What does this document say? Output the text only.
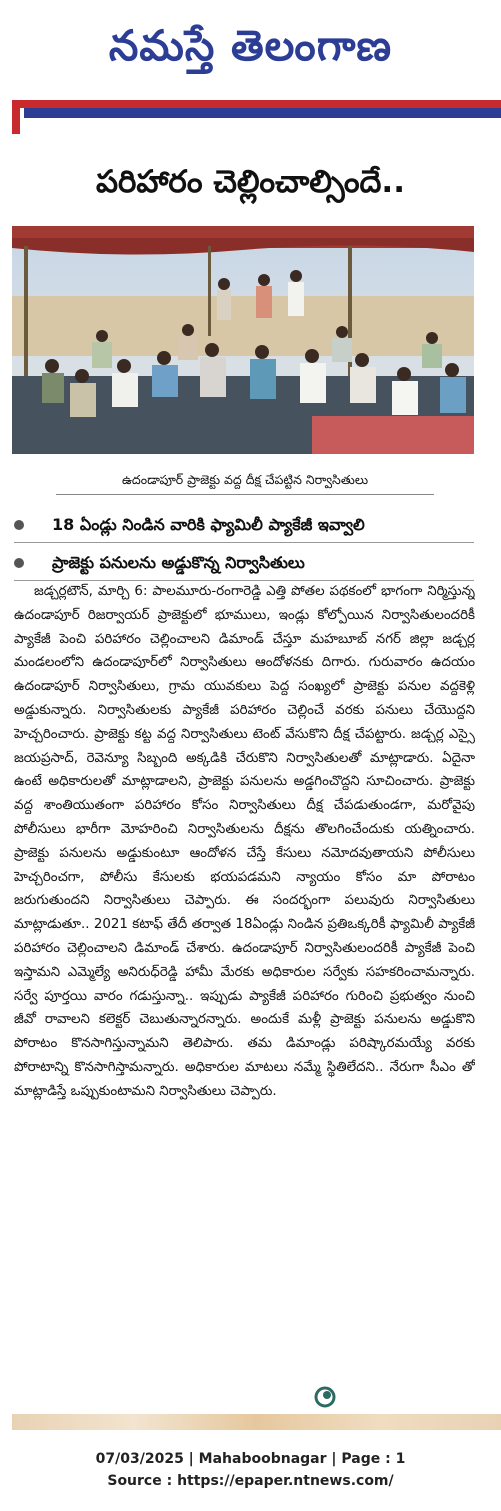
నమస్తే తెలంగాణ
పరిహారం చెల్లించాల్సిందే..
ఉదండాపూర్ ప్రాజెక్టు వద్ద దీక్ష చేపట్టిన నిర్వాసితులు
18 ఏండ్లు నిండిన వారికి ఫ్యామిలీ ప్యాకేజీ ఇవ్వాలి
ప్రాజెక్టు పనులను అడ్డుకొన్న నిర్వాసితులు
జడ్చర్లటౌన్, మార్చి 6: పాలమూరు-రంగారెడ్డి ఎత్తి పోతల పథకంలో భాగంగా నిర్మిస్తున్న ఉదండాపూర్ రిజర్వాయర్ ప్రాజెక్టులో భూములు, ఇండ్లు కోల్పోయిన నిర్వాసితులందరికీ ప్యాకేజీ పెంచి పరిహారం చెల్లించాలని డిమాండ్ చేస్తూ మహబూబ్ నగర్ జిల్లా జడ్చర్ల మండలంలోని ఉదండాపూర్‌లో నిర్వాసితులు ఆందోళనకు దిగారు. గురువారం ఉదయం ఉదండాపూర్ నిర్వాసితులు, గ్రామ యువకులు పెద్ద సంఖ్యలో ప్రాజెక్టు పనుల వద్దకెళ్లి అడ్డుకున్నారు. నిర్వాసితులకు ప్యాకేజీ పరిహారం చెల్లించే వరకు పనులు చేయొద్దని హెచ్చరించారు. ప్రాజెక్టు కట్ట వద్ద నిర్వాసితులు టెంట్ వేసుకొని దీక్ష చేపట్టారు. జడ్చర్ల ఎస్సై జయప్రసాద్, రెవెన్యూ సిబ్బంది అక్కడికి చేరుకొని నిర్వాసితులతో మాట్లాడారు. ఏదైనా ఉంటే అధికారులతో మాట్లాడాలని, ప్రాజెక్టు పనులను అడ్డగించొద్దని సూచించారు. ప్రాజెక్టు వద్ద శాంతియుతంగా పరిహారం కోసం నిర్వాసితులు దీక్ష చేపడుతుండగా, మరోవైపు పోలీసులు భారీగా మోహరించి నిర్వాసితులను దీక్షను తొలగించేందుకు యత్నించారు. ప్రాజెక్టు పనులను అడ్డుకుంటూ ఆందోళన చేస్తే కేసులు నమోదవుతాయని పోలీసులు హెచ్చరించగా, పోలీసు కేసులకు భయపడమని న్యాయం కోసం మా పోరాటం జరుగుతుందని నిర్వాసితులు చెప్పారు. ఈ సందర్భంగా పలువురు నిర్వాసితులు మాట్లాడుతూ.. 2021 కటాఫ్ తేదీ తర్వాత 18ఏండ్లు నిండిన ప్రతిఒక్కరికీ ఫ్యామిలీ ప్యాకేజీ పరిహారం చెల్లించాలని డిమాండ్ చేశారు. ఉదండాపూర్ నిర్వాసితులందరికీ ప్యాకేజీ పెంచి ఇస్తామని ఎమ్మెల్యే అనిరుధ్‌రెడ్డి హామీ మేరకు అధికారుల సర్వేకు సహకరించామన్నారు. సర్వే పూర్తయి వారం గడుస్తున్నా.. ఇప్పుడు ప్యాకేజీ పరిహారం గురించి ప్రభుత్వం నుంచి జీవో రావాలని కలెక్టర్ చెబుతున్నారన్నారు. అందుకే మళ్లీ ప్రాజెక్టు పనులను అడ్డుకొని పోరాటం కొనసాగిస్తున్నామని తెలిపారు. తమ డిమాండ్లు పరిష్కారమయ్యే వరకు పోరాటాన్ని కొనసాగిస్తామన్నారు. అధికారుల మాటలు నమ్మే స్థితిలేదని.. నేరుగా సీఎం తో మాట్లాడిస్తే ఒప్పుకుంటామని నిర్వాసితులు చెప్పారు.
07/03/2025 | Mahaboobnagar | Page : 1
Source : https://epaper.ntnews.com/
